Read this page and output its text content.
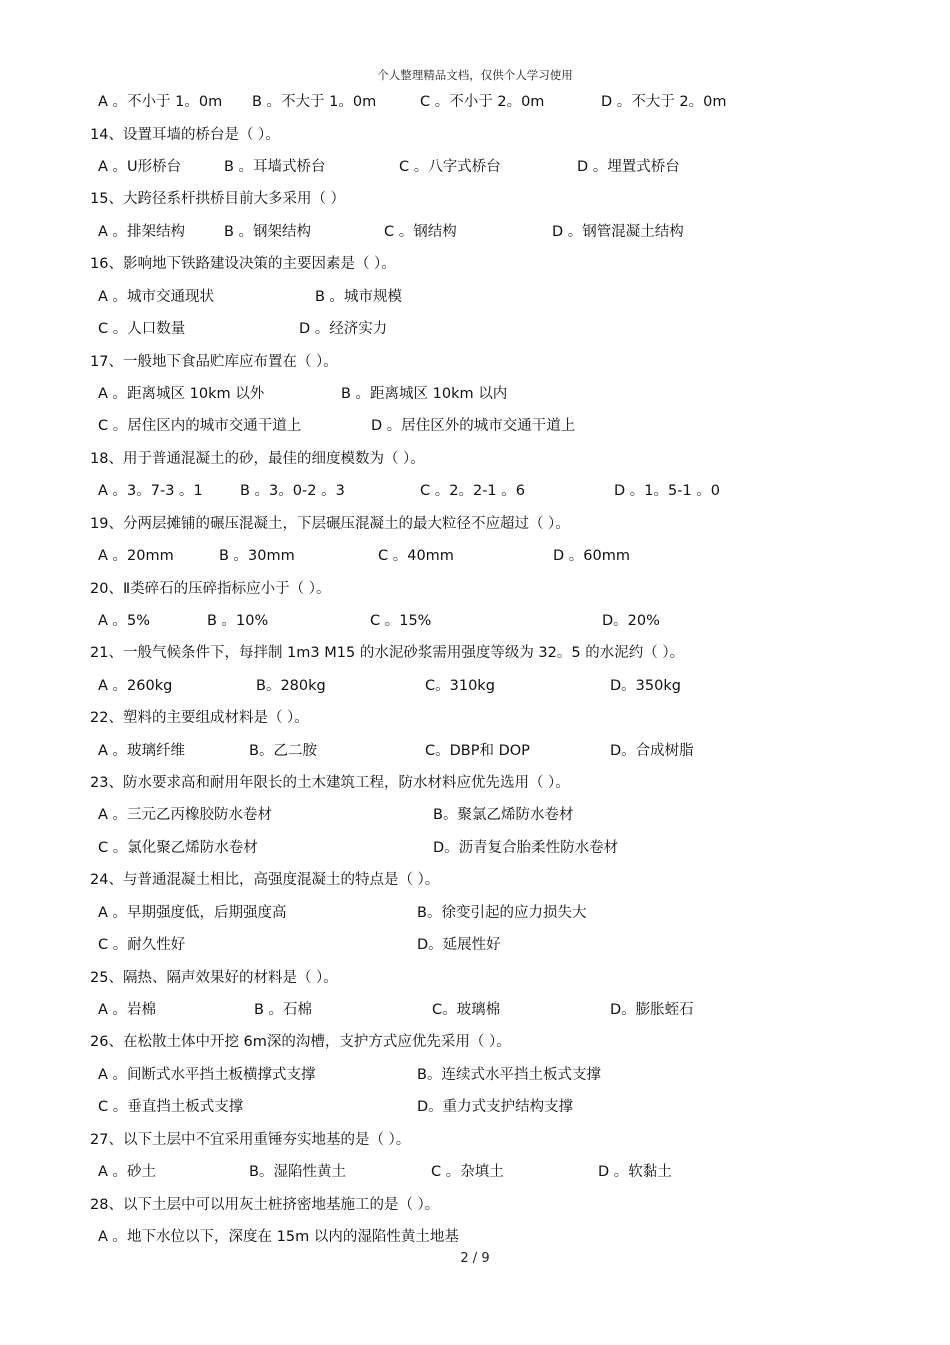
个人整理精品文档，仅供个人学习使用
A 。不小于 1。0m B 。不大于 1。0m	C 。不小于 2。0m	D 。不大于 2。0m
14、设置耳墙的桥台是（ ）。
A 。U形桥台	B 。耳墙式桥台	C 。八字式桥台	D 。埋置式桥台
15、大跨径系杆拱桥目前大多采用（ ）
A 。排架结构	B 。钢架结构	C 。钢结构	D 。钢管混凝土结构
16、影响地下铁路建设决策的主要因素是（ ）。
A 。城市交通现状	B 。城市规模
C 。人口数量	D 。经济实力
17、一般地下食品贮库应布置在（ ）。
A 。距离城区 10km 以外	B 。距离城区 10km 以内
C 。居住区内的城市交通干道上	D 。居住区外的城市交通干道上
18、用于普通混凝土的砂，最佳的细度模数为（ ）。
A 。3。7-3 。1	B 。3。0-2 。3	C 。2。2-1 。6	D 。1。5-1 。0
19、分两层摊铺的碾压混凝土，下层碾压混凝土的最大粒径不应超过（ ）。
A 。20mm	B 。30mm	C 。40mm	D 。60mm
20、Ⅱ类碎石的压碎指标应小于（ ）。
A 。5%	B 。10%	C 。15%	D。20%
21、一般气候条件下，每拌制 1m3 M15 的水泥砂浆需用强度等级为 32。5 的水泥约（ ）。
A 。260kg	B。280kg	C。310kg	D。350kg
22、塑料的主要组成材料是（ ）。
A 。玻璃纤维	B。乙二胺	C。DBP和 DOP	D。合成树脂
23、防水要求高和耐用年限长的土木建筑工程，防水材料应优先选用（ ）。
A 。三元乙丙橡胶防水卷材	B。聚氯乙烯防水卷材
C 。氯化聚乙烯防水卷材	D。沥青复合胎柔性防水卷材
24、与普通混凝土相比，高强度混凝土的特点是（ ）。
A 。早期强度低，后期强度高	B。徐变引起的应力损失大
C 。耐久性好	D。延展性好
25、隔热、隔声效果好的材料是（ ）。
A 。岩棉	B 。石棉	C。玻璃棉	D。膨胀蛭石
26、在松散土体中开挖 6m深的沟槽，支护方式应优先采用（ ）。
A 。间断式水平挡土板横撑式支撑	B。连续式水平挡土板式支撑
C 。垂直挡土板式支撑	D。重力式支护结构支撑
27、以下土层中不宜采用重锤夯实地基的是（ ）。
A 。砂土	B。湿陷性黄土	C 。杂填土	D 。软黏土
28、以下土层中可以用灰土桩挤密地基施工的是（ ）。
A 。地下水位以下，深度在 15m 以内的湿陷性黄土地基
2 / 9
